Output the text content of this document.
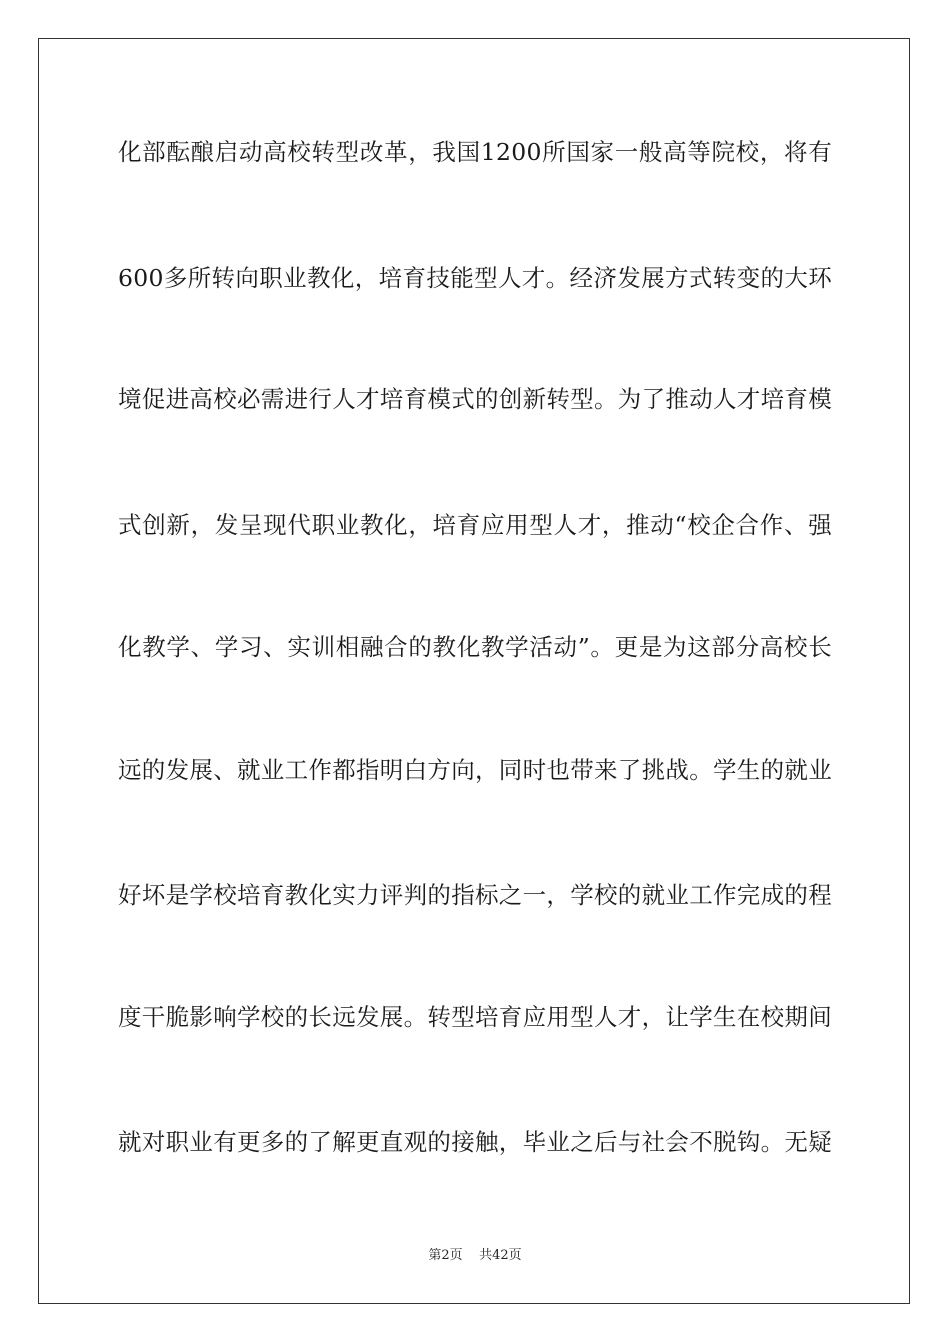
化部酝酿启动高校转型改革，我国1200所国家一般高等院校，将有
600多所转向职业教化，培育技能型人才。经济发展方式转变的大环
境促进高校必需进行人才培育模式的创新转型。为了推动人才培育模
式创新，发呈现代职业教化，培育应用型人才，推动“校企合作、强
化教学、学习、实训相融合的教化教学活动”。更是为这部分高校长
远的发展、就业工作都指明白方向，同时也带来了挑战。学生的就业
好坏是学校培育教化实力评判的指标之一，学校的就业工作完成的程
度干脆影响学校的长远发展。转型培育应用型人才，让学生在校期间
就对职业有更多的了解更直观的接触，毕业之后与社会不脱钩。无疑
第2页 共42页
